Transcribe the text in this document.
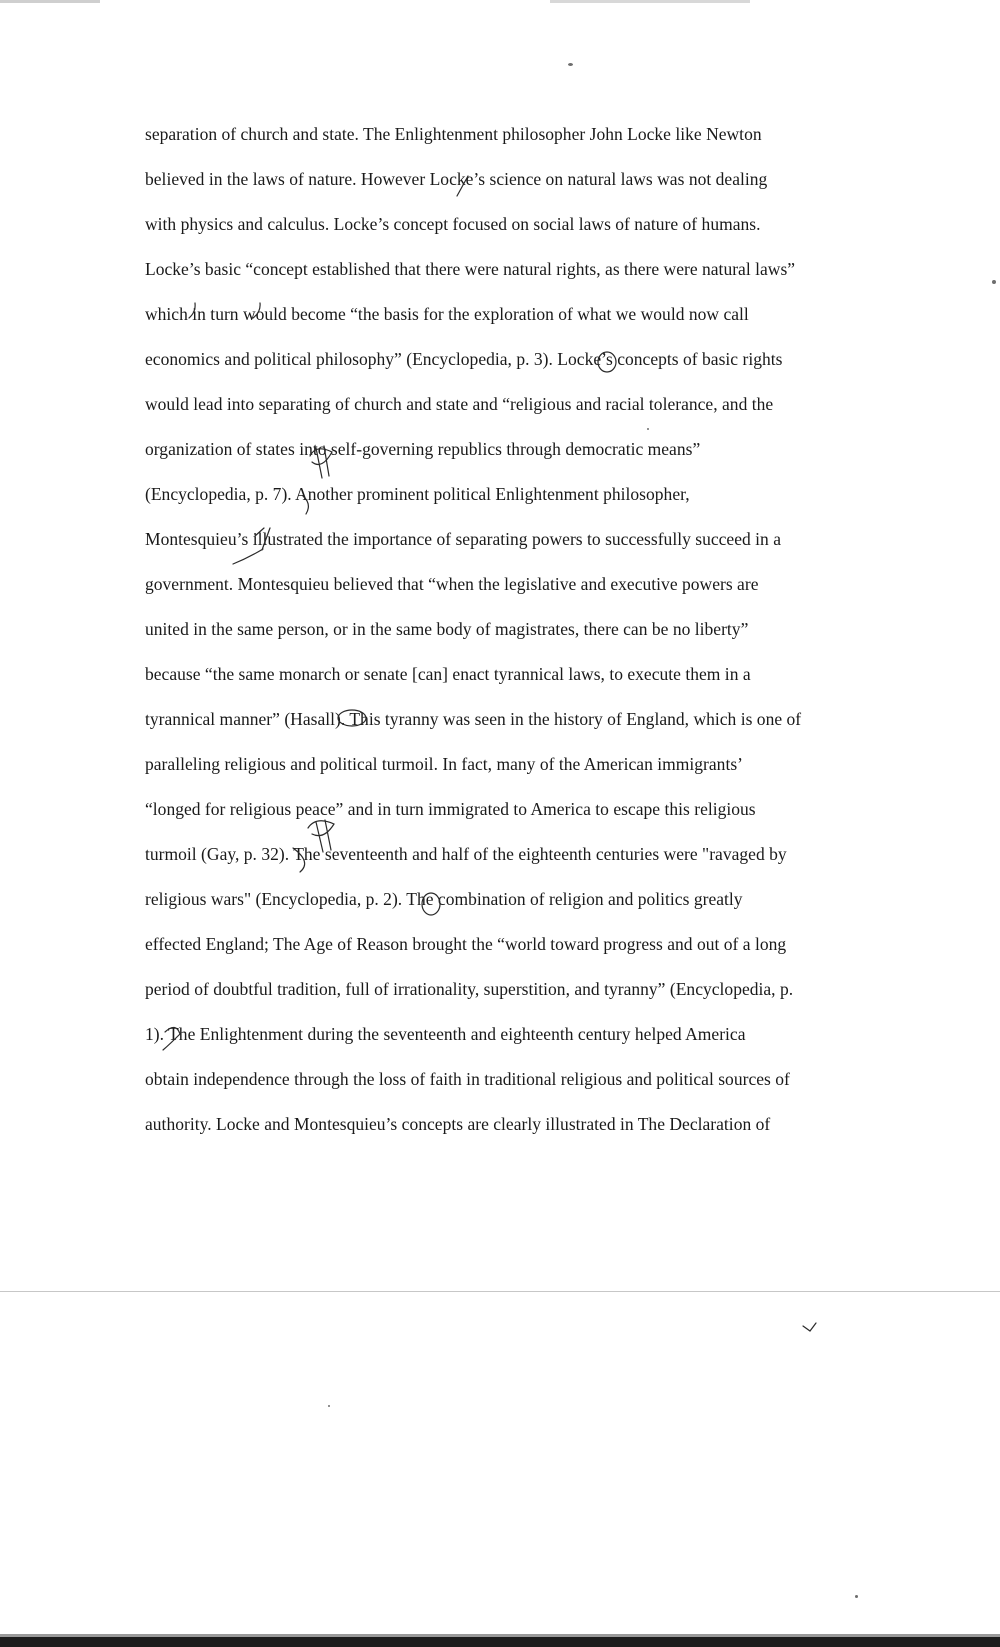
separation of church and state. The Enlightenment philosopher John Locke like Newton
believed in the laws of nature. However Locke’s science on natural laws was not dealing
with physics and calculus. Locke’s concept focused on social laws of nature of humans.
Locke’s basic “concept established that there were natural rights, as there were natural laws”
which in turn would become “the basis for the exploration of what we would now call
economics and political philosophy” (Encyclopedia, p. 3). Locke’s concepts of basic rights
would lead into separating of church and state and “religious and racial tolerance, and the
organization of states into self-governing republics through democratic means”
(Encyclopedia, p. 7). Another prominent political Enlightenment philosopher,
Montesquieu’s illustrated the importance of separating powers to successfully succeed in a
government. Montesquieu believed that “when the legislative and executive powers are
united in the same person, or in the same body of magistrates, there can be no liberty”
because “the same monarch or senate [can] enact tyrannical laws, to execute them in a
tyrannical manner” (Hasall). This tyranny was seen in the history of England, which is one of
paralleling religious and political turmoil. In fact, many of the American immigrants’
“longed for religious peace” and in turn immigrated to America to escape this religious
turmoil (Gay, p. 32). The seventeenth and half of the eighteenth centuries were "ravaged by
religious wars" (Encyclopedia, p. 2). The combination of religion and politics greatly
effected England; The Age of Reason brought the “world toward progress and out of a long
period of doubtful tradition, full of irrationality, superstition, and tyranny” (Encyclopedia, p.
1). The Enlightenment during the seventeenth and eighteenth century helped America
obtain independence through the loss of faith in traditional religious and political sources of
authority. Locke and Montesquieu’s concepts are clearly illustrated in The Declaration of
